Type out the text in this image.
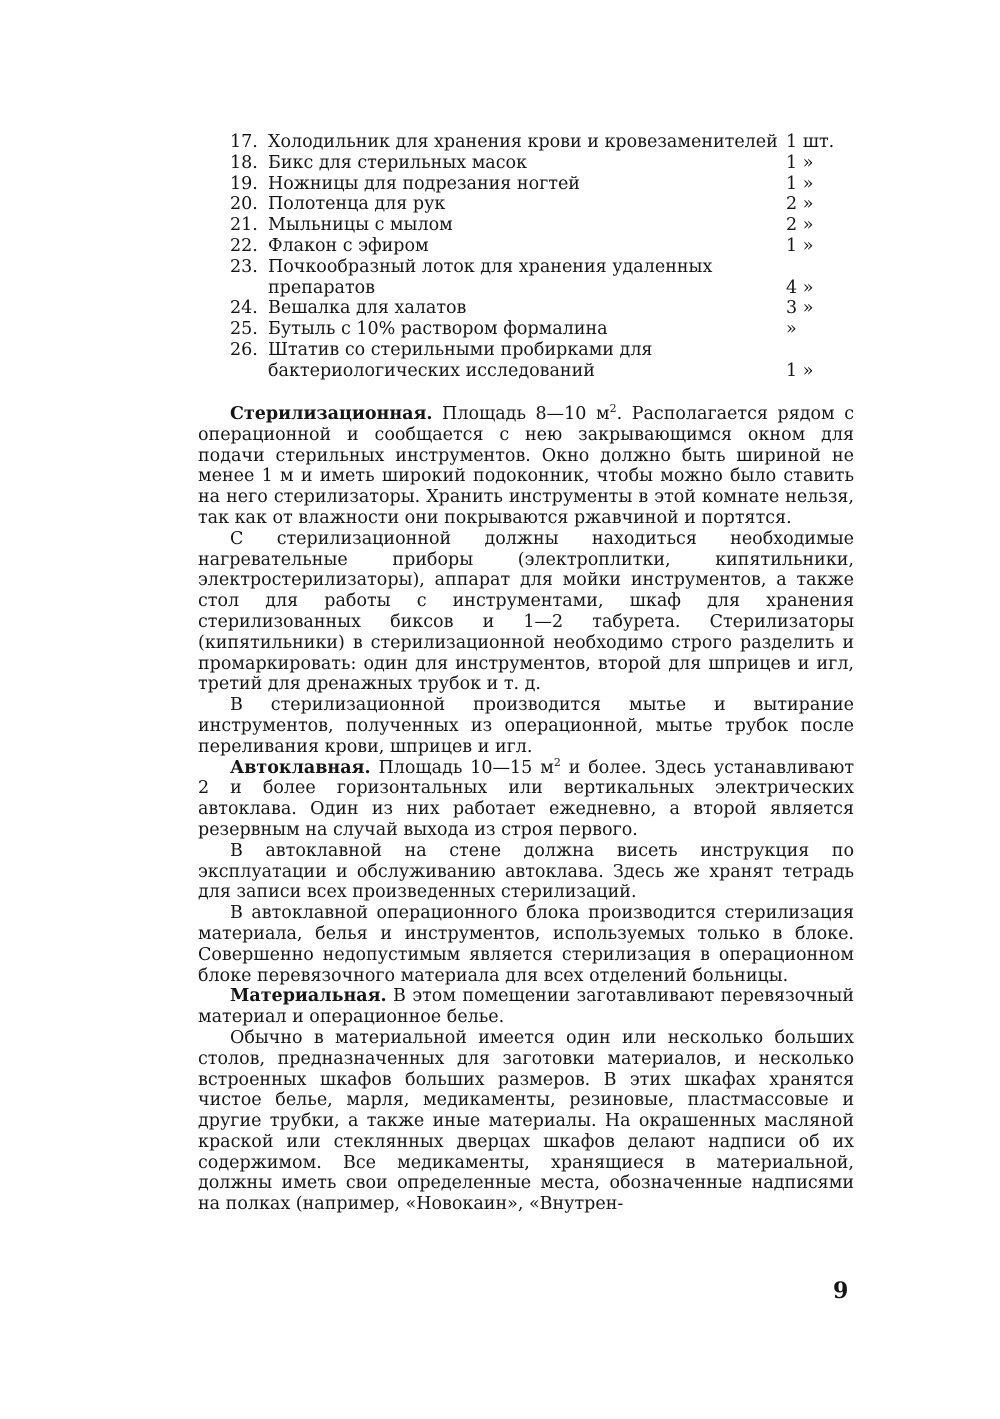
17. Холодильник для хранения крови и кровезаменителей 1 шт.
18. Бикс для стерильных масок	1 »
19. Ножницы для подрезания ногтей	1 »
20. Полотенца для рук	2 »
21. Мыльницы с мылом	2 »
22. Флакон с эфиром	1 »
23. Почкообразный лоток для хранения удаленных препаратов	4 »
24. Вешалка для халатов	3 »
25. Бутыль с 10% раствором формалина	»
26. Штатив со стерильными пробирками для бактериологических исследований	1 »

Стерилизационная. Площадь 8—10 $м^2$. Располагается рядом с операционной и сообщается с нею закрывающимся окном для подачи стерильных инструментов. Окно должно быть шириной не менее 1 м и иметь широкий подоконник, чтобы можно было ставить на него стерилизаторы. Хранить инструменты в этой комнате нельзя, так как от влажности они покрываются ржавчиной и портятся.

С стерилизационной должны находиться необходимые нагревательные приборы (электроплитки, кипятильники, электростерилизаторы), аппарат для мойки инструментов, а также стол для работы с инструментами, шкаф для хранения стерилизованных биксов и 1—2 табурета. Стерилизаторы (кипятильники) в стерилизационной необходимо строго разделить и промаркировать: один для инструментов, второй для шприцев и игл, третий для дренажных трубок и т. д.

В стерилизационной производится мытье и вытирание инструментов, полученных из операционной, мытье трубок после переливания крови, шприцев и игл.

Автоклавная. Площадь 10—15 $м^2$ и более. Здесь устанавливают 2 и более горизонтальных или вертикальных электрических автоклава. Один из них работает ежедневно, а второй является резервным на случай выхода из строя первого.

В автоклавной на стене должна висеть инструкция по эксплуатации и обслуживанию автоклава. Здесь же хранят тетрадь для записи всех произведенных стерилизаций.

В автоклавной операционного блока производится стерилизация материала, белья и инструментов, используемых только в блоке. Совершенно недопустимым является стерилизация в операционном блоке перевязочного материала для всех отделений больницы.

Материальная. В этом помещении заготавливают перевязочный материал и операционное белье.

Обычно в материальной имеется один или несколько больших столов, предназначенных для заготовки материалов, и несколько встроенных шкафов больших размеров. В этих шкафах хранятся чистое белье, марля, медикаменты, резиновые, пластмассовые и другие трубки, а также иные материалы. На окрашенных масляной краской или стеклянных дверцах шкафов делают надписи об их содержимом. Все медикаменты, хранящиеся в материальной, должны иметь свои определенные места, обозначенные надписями на полках (например, «Новокаин», «Внутрен-

9
